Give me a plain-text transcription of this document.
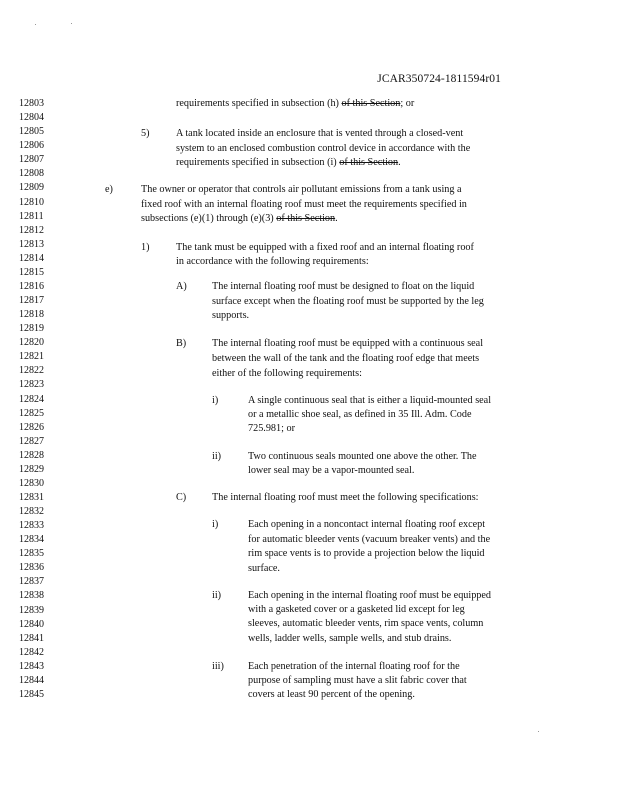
JCAR350724-1811594r01
12803
12804
12805
12806
12807
12808
12809
12810
12811
12812
12813
12814
12815
12816
12817
12818
12819
12820
12821
12822
12823
12824
12825
12826
12827
12828
12829
12830
12831
12832
12833
12834
12835
12836
12837
12838
12839
12840
12841
12842
12843
12844
12845
requirements specified in subsection (h) of this Section; or
5)	A tank located inside an enclosure that is vented through a closed-vent
system to an enclosed combustion control device in accordance with the
requirements specified in subsection (i) of this Section.
e)	The owner or operator that controls air pollutant emissions from a tank using a
fixed roof with an internal floating roof must meet the requirements specified in
subsections (e)(1) through (e)(3) of this Section.
1)	The tank must be equipped with a fixed roof and an internal floating roof
in accordance with the following requirements:
A) The internal floating roof must be designed to float on the liquid
surface except when the floating roof must be supported by the leg
supports.
B)	The internal floating roof must be equipped with a continuous seal
between the wall of the tank and the floating roof edge that meets
either of the following requirements:
i)	A single continuous seal that is either a liquid-mounted seal
or a metallic shoe seal, as defined in 35 Ill. Adm. Code
725.981; or
ii)	Two continuous seals mounted one above the other. The
lower seal may be a vapor-mounted seal.
C)	The internal floating roof must meet the following specifications:
i)	Each opening in a noncontact internal floating roof except
for automatic bleeder vents (vacuum breaker vents) and the
rim space vents is to provide a projection below the liquid
surface.
ii)	Each opening in the internal floating roof must be equipped
with a gasketed cover or a gasketed lid except for leg
sleeves, automatic bleeder vents, rim space vents, column
wells, ladder wells, sample wells, and stub drains.
iii) Each penetration of the internal floating roof for the
purpose of sampling must have a slit fabric cover that
covers at least 90 percent of the opening.
